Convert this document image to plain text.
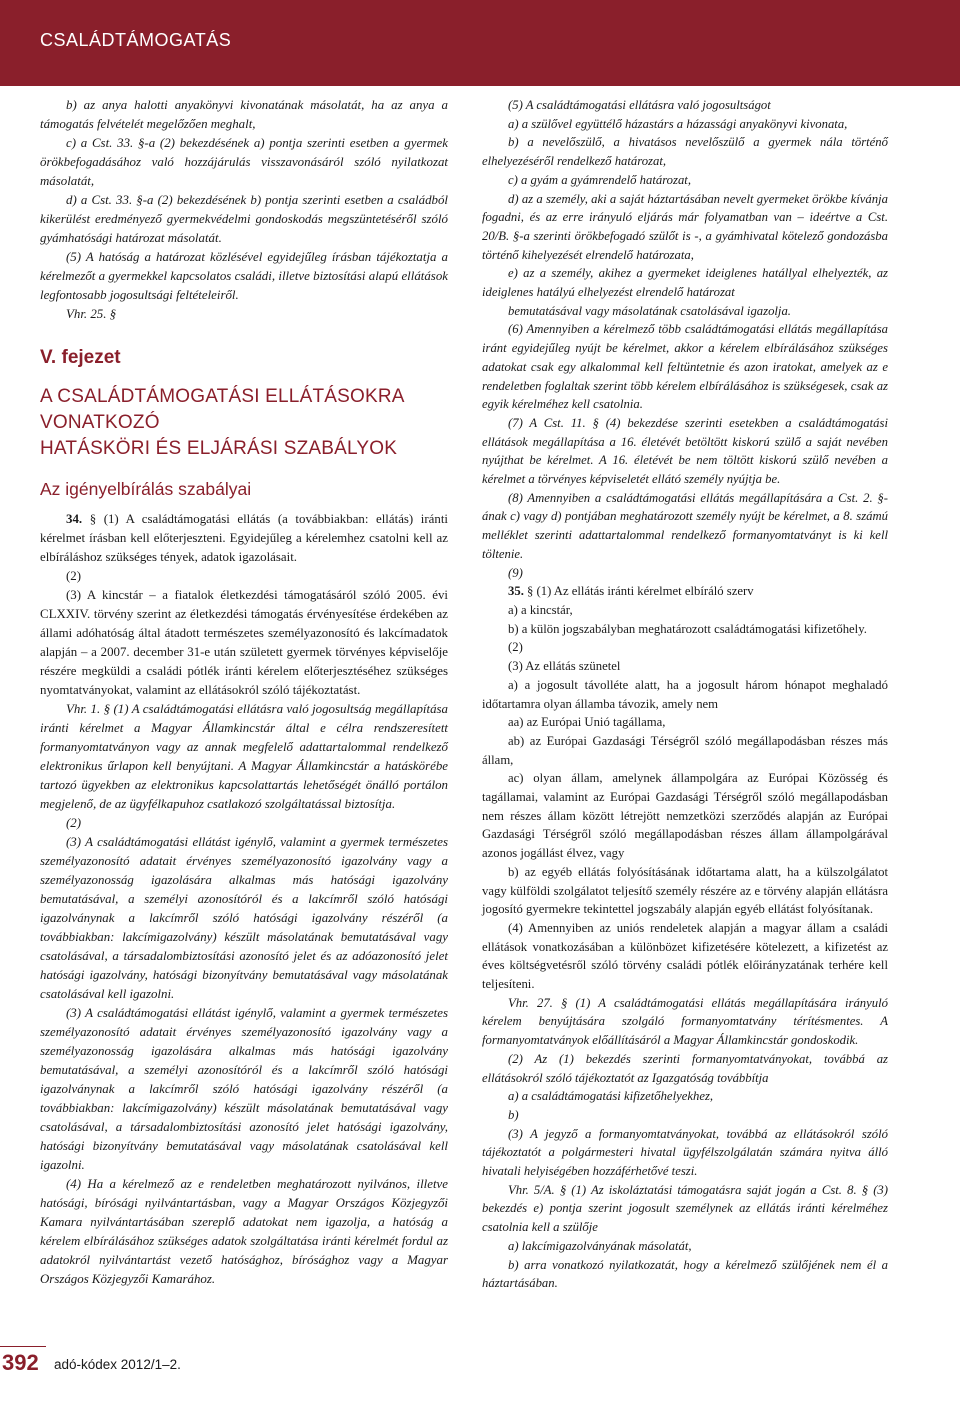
CSALÁDTÁMOGATÁS

b) az anya halotti anyakönyvi kivonatának másolatát, ha az anya a támogatás felvételét megelőzően meghalt,

c) a Cst. 33. §-a (2) bekezdésének a) pontja szerinti esetben a gyermek örökbefogadásához való hozzájárulás visszavonásáról szóló nyilatkozat másolatát,

d) a Cst. 33. §-a (2) bekezdésének b) pontja szerinti esetben a családból kikerülést eredményező gyermekvédelmi gondoskodás megszüntetéséről szóló gyámhatósági határozat másolatát.

(5) A hatóság a határozat közlésével egyidejűleg írásban tájékoztatja a kérelmezőt a gyermekkel kapcsolatos családi, illetve biztosítási alapú ellátások legfontosabb jogosultsági feltételeiről.

Vhr. 25. §

V. fejezet
A CSALÁDTÁMOGATÁSI ELLÁTÁSOKRA
VONATKOZÓ
HATÁSKÖRI ÉS ELJÁRÁSI SZABÁLYOK
Az igényelbírálás szabályai

34. § (1) A családtámogatási ellátás (a továbbiakban: ellátás) iránti kérelmet írásban kell előterjeszteni. Egyidejűleg a kérelemhez csatolni kell az elbíráláshoz szükséges tények, adatok igazolásait.

(2)

(3) A kincstár – a fiatalok életkezdési támogatásáról szóló 2005. évi CLXXIV. törvény szerint az életkezdési támogatás érvényesítése érdekében az állami adóhatóság által átadott természetes személyazonosító és lakcímadatok alapján – a 2007. december 31-e után született gyermek törvényes képviselője részére megküldi a családi pótlék iránti kérelem előterjesztéséhez szükséges nyomtatványokat, valamint az ellátásokról szóló tájékoztatást.

Vhr. 1. § (1) A családtámogatási ellátásra való jogosultság megállapítása iránti kérelmet a Magyar Államkincstár által e célra rendszeresített formanyomtatványon vagy az annak megfelelő adattartalommal rendelkező elektronikus űrlapon kell benyújtani. A Magyar Államkincstár a hatáskörébe tartozó ügyekben az elektronikus kapcsolattartás lehetőségét önálló portálon megjelenő, de az ügyfélkapuhoz csatlakozó szolgáltatással biztosítja.

(2)

(3) A családtámogatási ellátást igénylő, valamint a gyermek természetes személyazonosító adatait érvényes személyazonosító igazolvány vagy a személyazonosság igazolására alkalmas más hatósági igazolvány bemutatásával, a személyi azonosítóról és a lakcímről szóló hatósági igazolványnak a lakcímről szóló hatósági igazolvány részéről (a továbbiakban: lakcímigazolvány) készült másolatának bemutatásával vagy csatolásával, a társadalombiztosítási azonosító jelet és az adóazonosító jelet hatósági igazolvány, hatósági bizonyítvány bemutatásával vagy másolatának csatolásával kell igazolni.

(3) A családtámogatási ellátást igénylő, valamint a gyermek természetes személyazonosító adatait érvényes személyazonosító igazolvány vagy a személyazonosság igazolására alkalmas más hatósági igazolvány bemutatásával, a személyi azonosítóról és a lakcímről szóló hatósági igazolványnak a lakcímről szóló hatósági igazolvány részéről (a továbbiakban: lakcímigazolvány) készült másolatának bemutatásával vagy csatolásával, a társadalombiztosítási azonosító jelet hatósági igazolvány, hatósági bizonyítvány bemutatásával vagy másolatának csatolásával kell igazolni.

(4) Ha a kérelmező az e rendeletben meghatározott nyilvános, illetve hatósági, bírósági nyilvántartásban, vagy a Magyar Országos Közjegyzői Kamara nyilvántartásában szereplő adatokat nem igazolja, a hatóság a kérelem elbírálásához szükséges adatok szolgáltatása iránti kérelmét fordul az adatokról nyilvántartást vezető hatósághoz, bírósághoz vagy a Magyar Országos Közjegyzői Kamarához.

(5) A családtámogatási ellátásra való jogosultságot

a) a szülővel együttélő házastárs a házassági anyakönyvi kivonata,

b) a nevelőszülő, a hivatásos nevelőszülő a gyermek nála történő elhelyezéséről rendelkező határozat,

c) a gyám a gyámrendelő határozat,

d) az a személy, aki a saját háztartásában nevelt gyermeket örökbe kívánja fogadni, és az erre irányuló eljárás már folyamatban van – ideértve a Cst. 20/B. §-a szerinti örökbefogadó szülőt is -, a gyámhivatal kötelező gondozásba történő kihelyezését elrendelő határozata,

e) az a személy, akihez a gyermeket ideiglenes hatállyal elhelyezték, az ideiglenes hatályú elhelyezést elrendelő határozat

bemutatásával vagy másolatának csatolásával igazolja.

(6) Amennyiben a kérelmező több családtámogatási ellátás megállapítása iránt egyidejűleg nyújt be kérelmet, akkor a kérelem elbírálásához szükséges adatokat csak egy alkalommal kell feltüntetnie és azon iratokat, amelyek az e rendeletben foglaltak szerint több kérelem elbírálásához is szükségesek, csak az egyik kérelméhez kell csatolnia.

(7) A Cst. 11. § (4) bekezdése szerinti esetekben a családtámogatási ellátások megállapítása a 16. életévét betöltött kiskorú szülő a saját nevében nyújthat be kérelmet. A 16. életévét be nem töltött kiskorú szülő nevében a kérelmet a törvényes képviseletét ellátó személy nyújtja be.

(8) Amennyiben a családtámogatási ellátás megállapítására a Cst. 2. §-ának c) vagy d) pontjában meghatározott személy nyújt be kérelmet, a 8. számú melléklet szerinti adattartalommal rendelkező formanyomtatványt is ki kell töltenie.

(9)

35. § (1) Az ellátás iránti kérelmet elbíráló szerv

a) a kincstár,

b) a külön jogszabályban meghatározott családtámogatási kifizetőhely.

(2)

(3) Az ellátás szünetel

a) a jogosult távolléte alatt, ha a jogosult három hónapot meghaladó időtartamra olyan államba távozik, amely nem

aa) az Európai Unió tagállama,

ab) az Európai Gazdasági Térségről szóló megállapodásban részes más állam,

ac) olyan állam, amelynek állampolgára az Európai Közösség és tagállamai, valamint az Európai Gazdasági Térségről szóló megállapodásban nem részes állam között létrejött nemzetközi szerződés alapján az Európai Gazdasági Térségről szóló megállapodásban részes állam állampolgárával azonos jogállást élvez, vagy

b) az egyéb ellátás folyósításának időtartama alatt, ha a külszolgálatot vagy külföldi szolgálatot teljesítő személy részére az e törvény alapján ellátásra jogosító gyermekre tekintettel jogszabály alapján egyéb ellátást folyósítanak.

(4) Amennyiben az uniós rendeletek alapján a magyar állam a családi ellátások vonatkozásában a különbözet kifizetésére kötelezett, a kifizetést az éves költségvetésről szóló törvény családi pótlék előirányzatának terhére kell teljesíteni.

Vhr. 27. § (1) A családtámogatási ellátás megállapítására irányuló kérelem benyújtására szolgáló formanyomtatvány térítésmentes. A formanyomtatványok előállításáról a Magyar Államkincstár gondoskodik.

(2) Az (1) bekezdés szerinti formanyomtatványokat, továbbá az ellátásokról szóló tájékoztatót az Igazgatóság továbbítja

a) a családtámogatási kifizetőhelyekhez,

b)

(3) A jegyző a formanyomtatványokat, továbbá az ellátásokról szóló tájékoztatót a polgármesteri hivatal ügyfélszolgálatán számára nyitva álló hivatali helyiségében hozzáférhetővé teszi.

Vhr. 5/A. § (1) Az iskoláztatási támogatásra saját jogán a Cst. 8. § (3) bekezdés e) pontja szerint jogosult személynek az ellátás iránti kérelméhez csatolnia kell a szülője

a) lakcímigazolványának másolatát,

b) arra vonatkozó nyilatkozatát, hogy a kérelmező szülőjének nem él a háztartásában.

392 adó-kódex 2012/1–2.
